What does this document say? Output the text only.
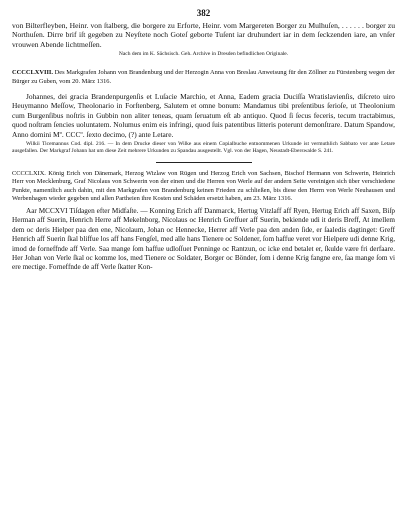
382

von Bilterfleyben, Heinr. von ſtalberg, die borgere zu Erforte, Heinr. vom Margereten Borger zu Mulhuſen, . . . . . . borger zu Northuſen. Dirre brif iſt gegeben zu Neyſtete noch Goteſ geborte Tuſent iar druhundert iar in dem ſeckzenden iare, an vnſer vrouwen Abende lichtmeſſen.

Nach dem im K. Sächsisch. Geh. Archive in Dresden befindlichen Originale.

CCCCLXVIII. Des Markgrafen Johann von Brandenburg und der Herzogin Anna von Breslau Anweisung für den Zöllner zu Fürstenberg wegen der Bürger zu Guben, vom 20. März 1316.

Johannes, dei gracia Brandenpurgenſis et Luſacie Marchio, et Anna, Eadem gracia Duciſſa Wratislavienſis, diſcreto uiro Heuymanno Meſſow, Theolonario in Forſtenberg, Salutem et omne bonum: Mandamus tibi preſentibus ſerioſe, ut Theolonium cum Burgenſibus noſtris in Gubbin non aliter teneas, quam ſeruatum eſt ab antiquo. Quod ſi ſecus feceris, tecum tractabimus, quod noſtram ſencies uoluntatem. Nolumus enim eis infringi, quod ſuis patentibus litteris poterunt demonſtrare. Datum Spandow, Anno domini Mº. CCCº. ſexto decimo, (?) ante Letare.

Wilkii Ticemannus Cod. dipl. 216. — In dem Drucke dieser von Wilke aus einem Copialbuche entnommenen Urkunde ist vermuthlich Sabbato vor ante Letare ausgefallen. Der Markgraf Johann hat um diese Zeit mehrere Urkunden zu Spandau ausgestellt. Vgl. von der Hagen, Neustadt-Eberswalde S. 241.

CCCCLXIX. König Erich von Dänemark, Herzog Wizlaw von Rügen und Herzog Erich von Sachsen, Bischof Hermann von Schwerin, Heinrich Herr von Mecklenburg, Graf Nicolaus von Schwerin von der einen und die Herren von Werle auf der andern Seite vereinigen sich über verschiedene Punkte, namentlich auch dahin, mit den Markgrafen von Brandenburg keinen Frieden zu schließen, bis diese den Herrn von Werle Neuhausen und Werbenhagen wieder gegeben und allen Partheien ihre Kosten und Schäden ersetzt haben, am 23. März 1316.

Aar MCCXVI Tiſdagen efter Midfaſte. — Konning Erich aff Danmarck, Hertug Vitzlaff aff Ryen, Hertug Erich aff Saxen, Biſp Herman aff Suerin, Henrich Herre aff Mekelnborg, Nicolaus oc Henrich Greffuer aff Suerin, bekiende udi it deris Breff, At imellem dem oc deris Hielper paa den ene, Nicolaum, Johan oc Hennecke, Herrer aff Verle paa den anden ſide, er ſaaledis dagtinget: Greff Henrich aff Suerin ſkal bliffue los aff hans Fengſel, med alle hans Tienere oc Soldener, ſom haffue veret vor Hielpere udi denne Krig, imod de forneffnde aff Verle. Saa mange ſom haffue udloſſuet Penninge oc Rantzun, oc icke end betalet er, ſkulde være fri derfaare. Her Johan von Verle ſkal oc komme los, med Tienere oc Soldater, Borger oc Bönder, ſom i denne Krig fangne ere, ſaa mange ſom vi ere mectige. Forneffnde de aff Verle ſkatter Kon-
